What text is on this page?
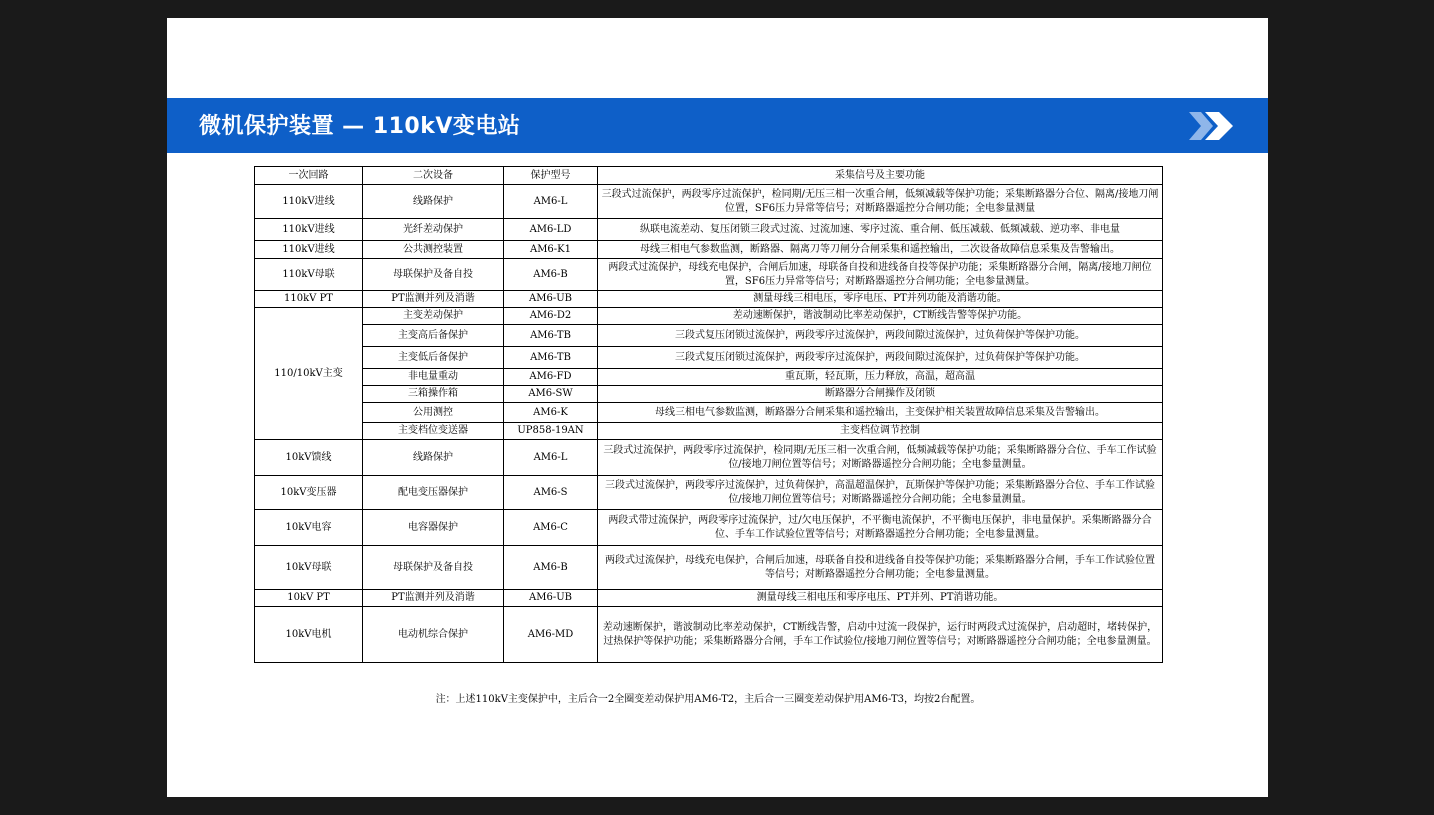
微机保护装置 — 110kV变电站
一次回路	二次设备	保护型号	采集信号及主要功能
110kV进线	线路保护	AM6-L	三段式过流保护，两段零序过流保护，检同期/无压三相一次重合闸，低频减载等保护功能；采集断路器分合位、隔离/接地刀闸位置，SF6压力异常等信号；对断路器遥控分合闸功能；全电参量测量
110kV进线	光纤差动保护	AM6-LD	纵联电流差动、复压闭锁三段式过流、过流加速、零序过流、重合闸、低压减载、低频减载、逆功率、非电量
110kV进线	公共测控装置	AM6-K1	母线三相电气参数监测，断路器、隔离刀等刀闸分合闸采集和遥控输出，二次设备故障信息采集及告警输出。
110kV母联	母联保护及备自投	AM6-B	两段式过流保护，母线充电保护，合闸后加速，母联备自投和进线备自投等保护功能；采集断路器分合闸，隔离/接地刀闸位置，SF6压力异常等信号；对断路器遥控分合闸功能；全电参量测量。
110kV PT	PT监测并列及消谐	AM6-UB	测量母线三相电压，零序电压、PT并列功能及消谐功能。
110/10kV主变	主变差动保护	AM6-D2	差动速断保护，谐波制动比率差动保护，CT断线告警等保护功能。
	主变高后备保护	AM6-TB	三段式复压闭锁过流保护，两段零序过流保护，两段间隙过流保护，过负荷保护等保护功能。
	主变低后备保护	AM6-TB	三段式复压闭锁过流保护，两段零序过流保护，两段间隙过流保护，过负荷保护等保护功能。
	非电量重动	AM6-FD	重瓦斯，轻瓦斯，压力释放，高温，超高温
	三箱操作箱	AM6-SW	断路器分合闸操作及闭锁
	公用测控	AM6-K	母线三相电气参数监测，断路器分合闸采集和遥控输出，主变保护相关装置故障信息采集及告警输出。
	主变档位变送器	UP858-19AN	主变档位调节控制
10kV馈线	线路保护	AM6-L	三段式过流保护，两段零序过流保护，检同期/无压三相一次重合闸，低频减载等保护功能；采集断路器分合位、手车工作试验位/接地刀闸位置等信号；对断路器遥控分合闸功能；全电参量测量。
10kV变压器	配电变压器保护	AM6-S	三段式过流保护，两段零序过流保护，过负荷保护，高温超温保护，瓦斯保护等保护功能；采集断路器分合位、手车工作试验位/接地刀闸位置等信号；对断路器遥控分合闸功能；全电参量测量。
10kV电容	电容器保护	AM6-C	两段式带过流保护，两段零序过流保护，过/欠电压保护，不平衡电流保护，不平衡电压保护，非电量保护。采集断路器分合位、手车工作试验位置等信号；对断路器遥控分合闸功能；全电参量测量。
10kV母联	母联保护及备自投	AM6-B	两段式过流保护，母线充电保护，合闸后加速，母联备自投和进线备自投等保护功能；采集断路器分合闸，手车工作试验位置等信号；对断路器遥控分合闸功能；全电参量测量。
10kV PT	PT监测并列及消谐	AM6-UB	测量母线三相电压和零序电压、PT并列、PT消谐功能。
10kV电机	电动机综合保护	AM6-MD	差动速断保护，谐波制动比率差动保护，CT断线告警，启动中过流一段保护，运行时两段式过流保护，启动超时，堵转保护，过热保护等保护功能；采集断路器分合闸，手车工作试验位/接地刀闸位置等信号；对断路器遥控分合闸功能；全电参量测量。
注：上述110kV主变保护中，主后合一2全圈变差动保护用AM6-T2，主后合一三圈变差动保护用AM6-T3，均按2台配置。
